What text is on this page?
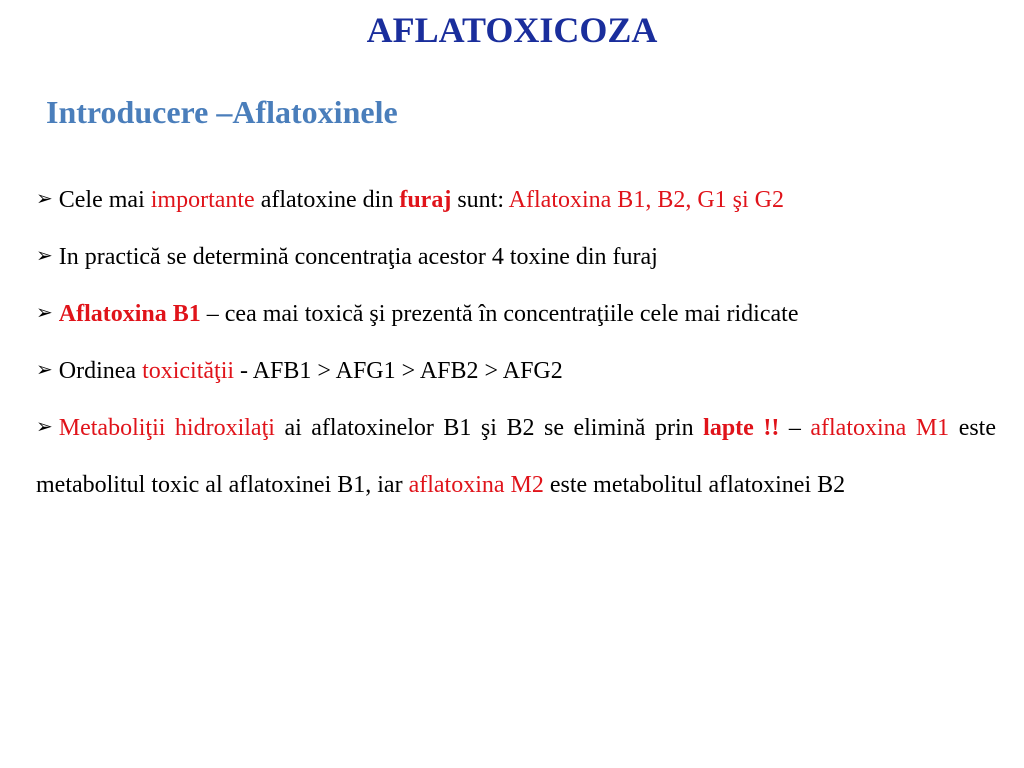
AFLATOXICOZA
Introducere –Aflatoxinele

➢ Cele mai importante aflatoxine din furaj sunt: Aflatoxina B1, B2, G1 şi G2

➢ In practică se determină concentraţia acestor 4 toxine din furaj

➢ Aflatoxina B1 – cea mai toxică şi prezentă în concentraţiile cele mai ridicate

➢ Ordinea toxicităţii - AFB1 > AFG1 > AFB2 > AFG2

➢ Metaboliţii hidroxilaţi ai aflatoxinelor B1 şi B2 se elimină prin lapte !! – aflatoxina M1 este metabolitul toxic al aflatoxinei B1, iar aflatoxina M2 este metabolitul aflatoxinei B2
